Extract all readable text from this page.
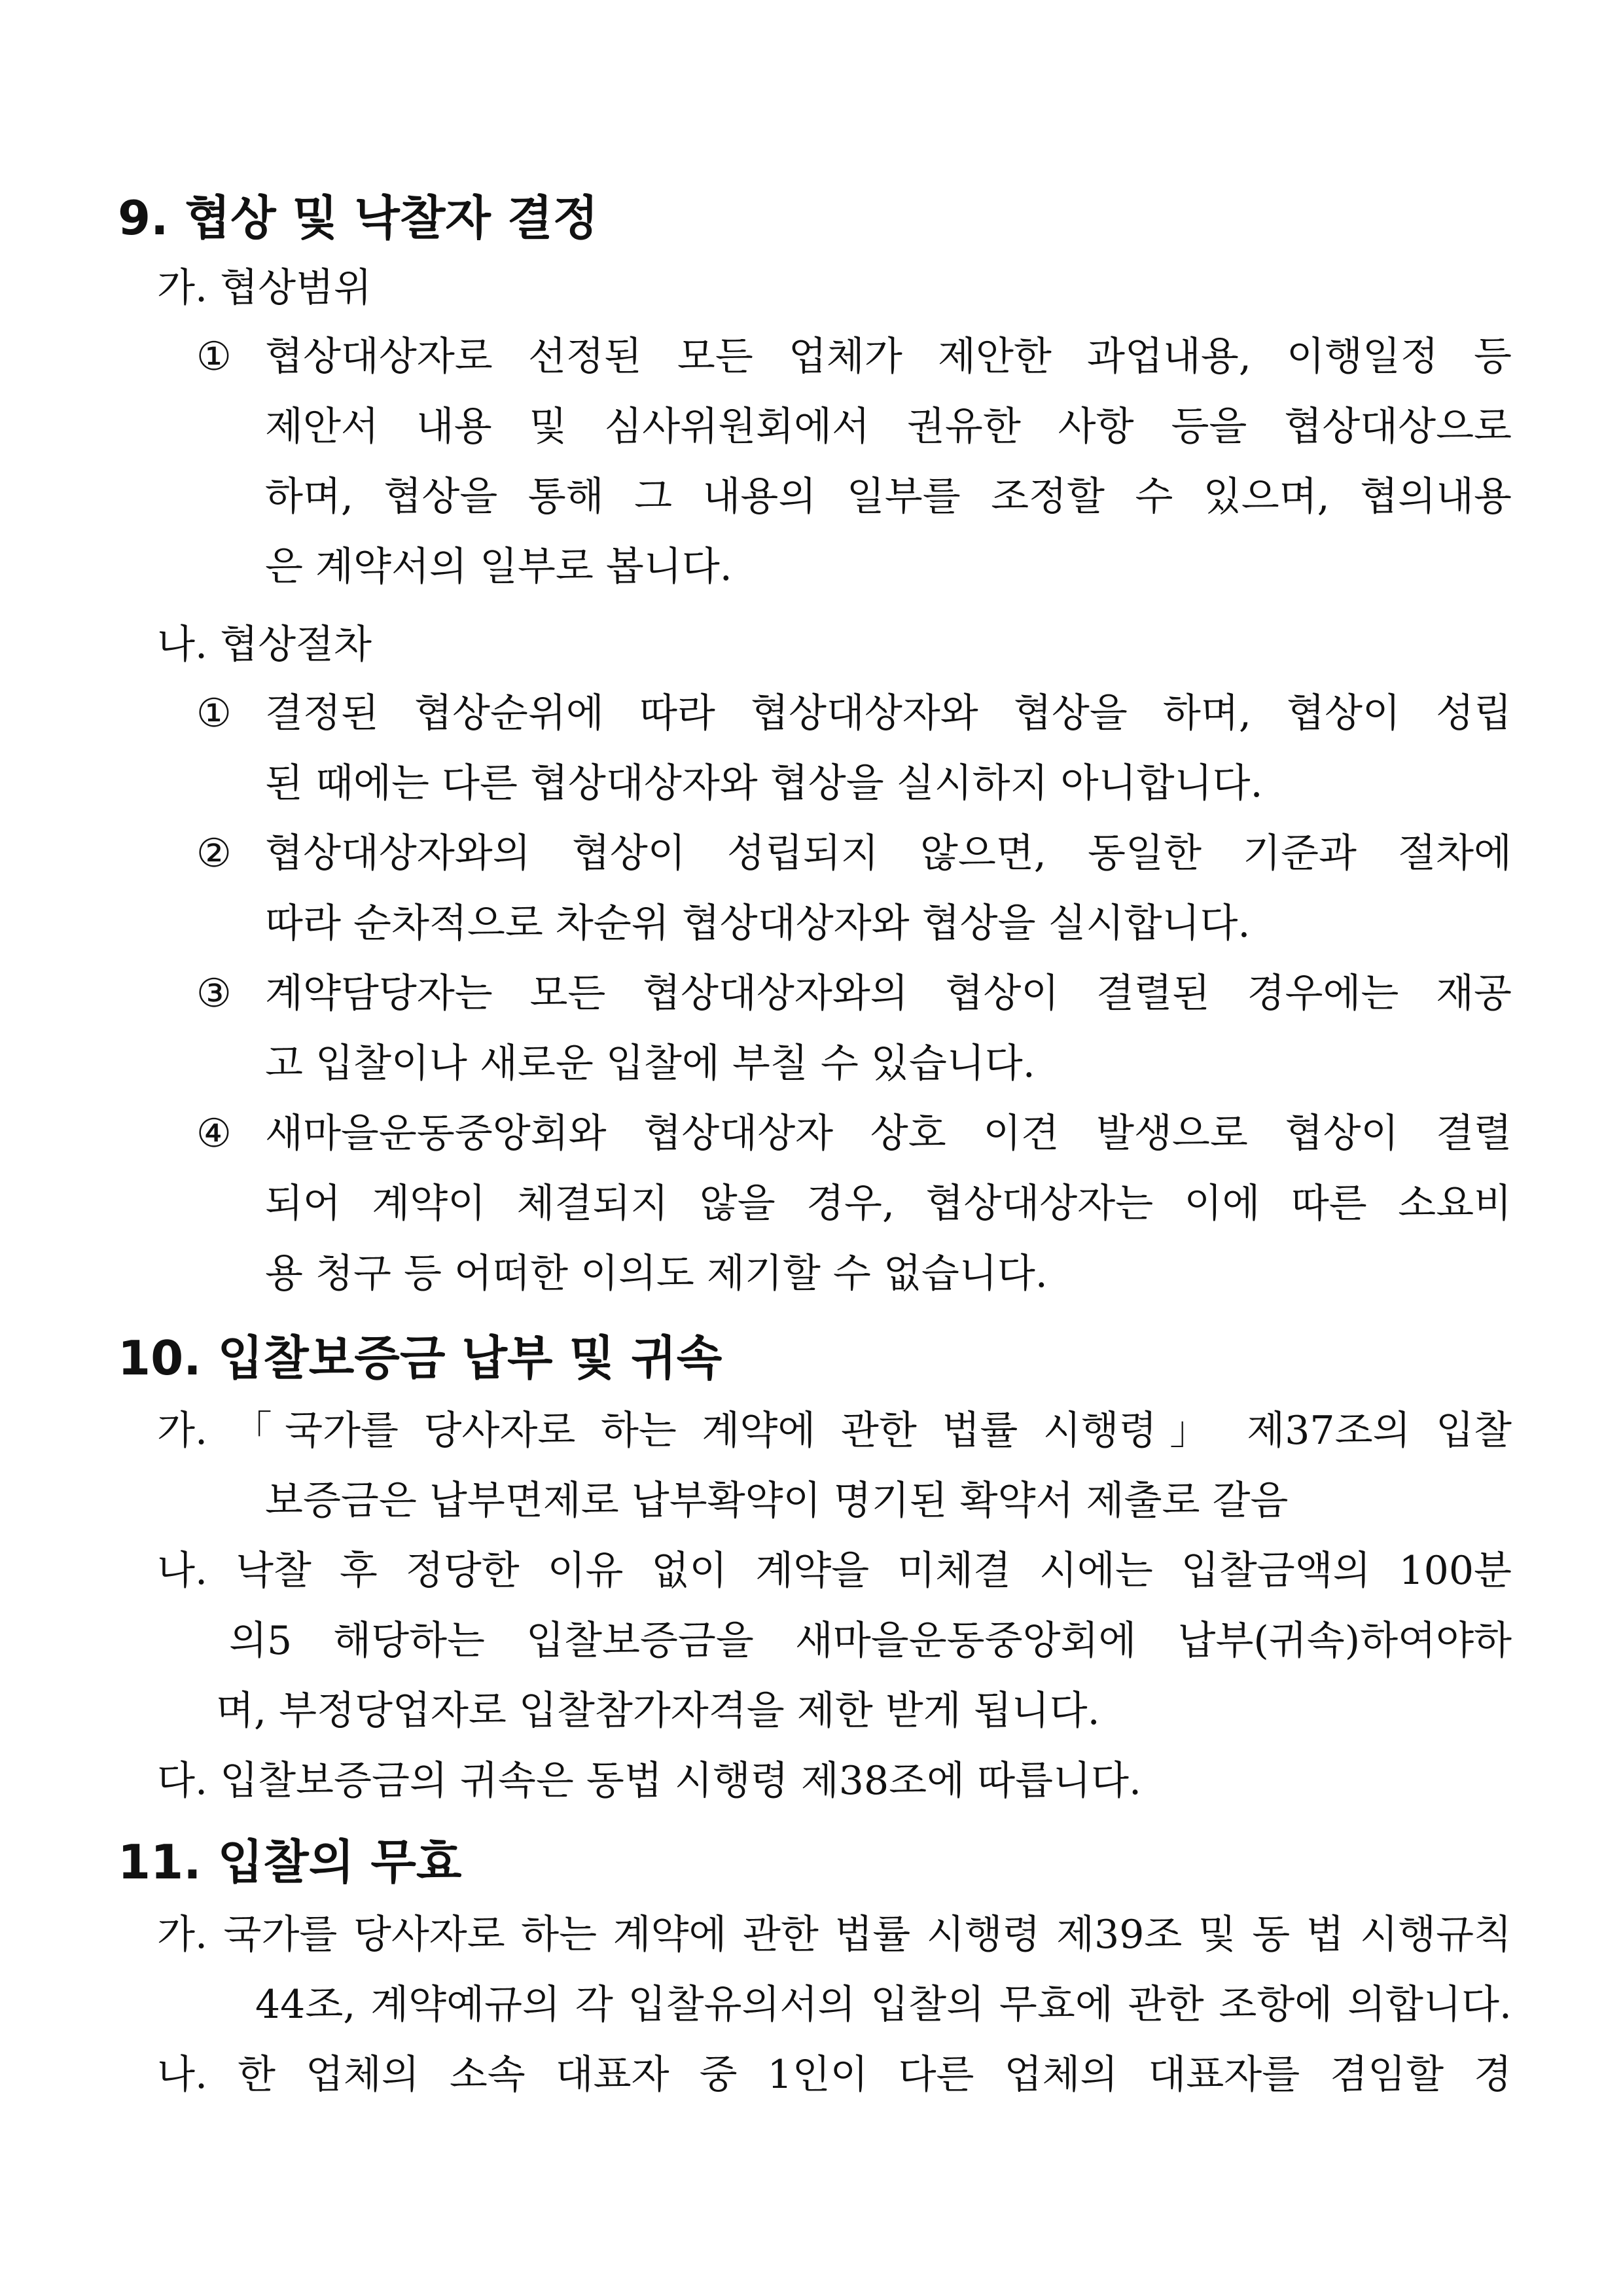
9. 협상 및 낙찰자 결정
가. 협상범위
① 협상대상자로 선정된 모든 업체가 제안한 과업내용, 이행일정 등
제안서 내용 및 심사위원회에서 권유한 사항 등을 협상대상으로
하며, 협상을 통해 그 내용의 일부를 조정할 수 있으며, 협의내용
은 계약서의 일부로 봅니다.
나. 협상절차
① 결정된 협상순위에 따라 협상대상자와 협상을 하며, 협상이 성립
된 때에는 다른 협상대상자와 협상을 실시하지 아니합니다.
② 협상대상자와의 협상이 성립되지 않으면, 동일한 기준과 절차에
따라 순차적으로 차순위 협상대상자와 협상을 실시합니다.
③ 계약담당자는 모든 협상대상자와의 협상이 결렬된 경우에는 재공
고 입찰이나 새로운 입찰에 부칠 수 있습니다.
④ 새마을운동중앙회와 협상대상자 상호 이견 발생으로 협상이 결렬
되어 계약이 체결되지 않을 경우, 협상대상자는 이에 따른 소요비
용 청구 등 어떠한 이의도 제기할 수 없습니다.
10. 입찰보증금 납부 및 귀속
가. 「국가를 당사자로 하는 계약에 관한 법률 시행령」 제37조의 입찰
보증금은 납부면제로 납부확약이 명기된 확약서 제출로 갈음
나. 낙찰 후 정당한 이유 없이 계약을 미체결 시에는 입찰금액의 100분
의5 해당하는 입찰보증금을 새마을운동중앙회에 납부(귀속)하여야하
며, 부정당업자로 입찰참가자격을 제한 받게 됩니다.
다. 입찰보증금의 귀속은 동법 시행령 제38조에 따릅니다.
11. 입찰의 무효
가. 국가를 당사자로 하는 계약에 관한 법률 시행령 제39조 및 동 법 시행규칙
44조, 계약예규의 각 입찰유의서의 입찰의 무효에 관한 조항에 의합니다.
나. 한 업체의 소속 대표자 중 1인이 다른 업체의 대표자를 겸임할 경
